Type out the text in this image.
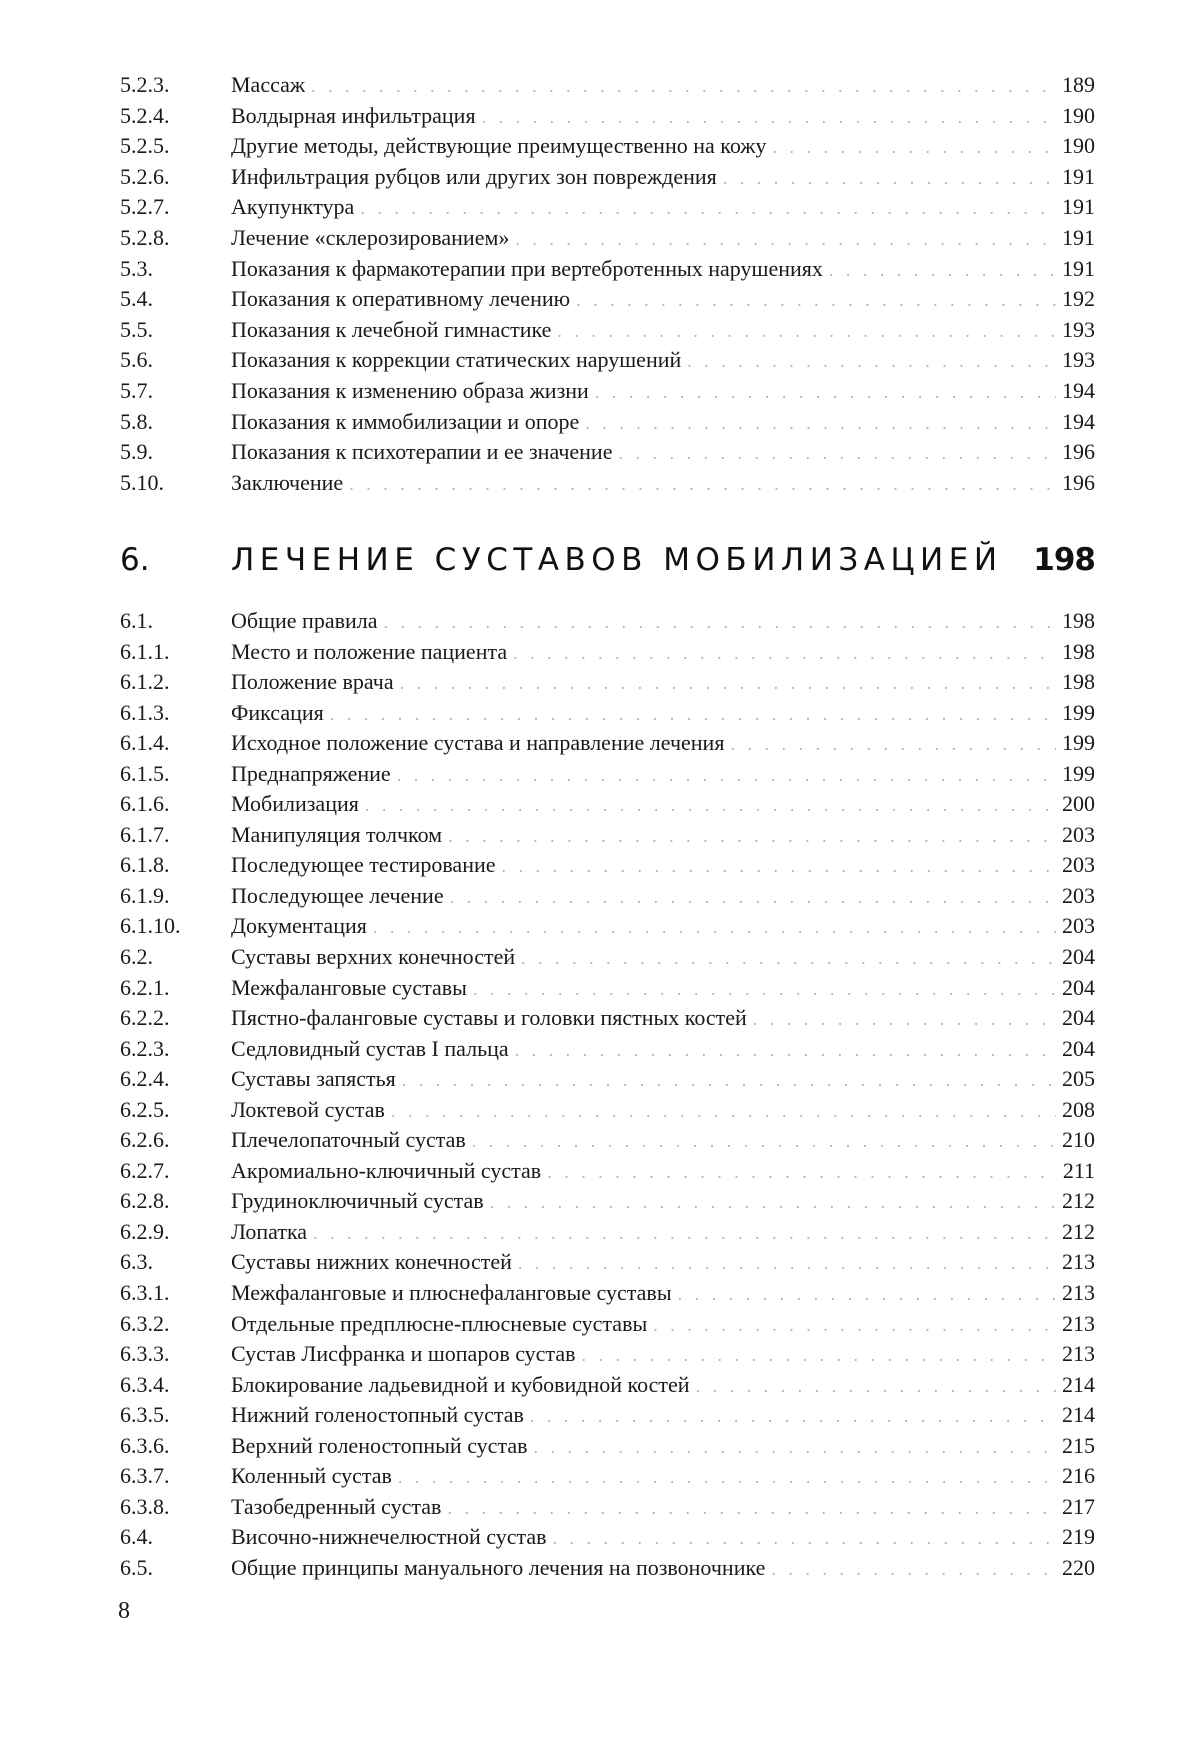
5.2.3.	Массаж . . .	189
5.2.4.	Волдырная инфильтрация . . .	190
5.2.5.	Другие методы, действующие преимущественно на кожу . . .	190
5.2.6.	Инфильтрация рубцов или других зон повреждения . . .	191
5.2.7.	Акупунктура . . .	191
5.2.8.	Лечение «склерозированием» . . .	191
5.3.	Показания к фармакотерапии при вертебротенных нарушениях . . .	191
5.4.	Показания к оперативному лечению . . .	192
5.5.	Показания к лечебной гимнастике . . .	193
5.6.	Показания к коррекции статических нарушений . . .	193
5.7.	Показания к изменению образа жизни . . .	194
5.8.	Показания к иммобилизации и опоре . . .	194
5.9.	Показания к психотерапии и ее значение . . .	196
5.10.	Заключение . . .	196
6.	ЛЕЧЕНИЕ СУСТАВОВ МОБИЛИЗАЦИЕЙ 198
6.1.	Общие правила . . .	198
6.1.1.	Место и положение пациента . . .	198
6.1.2.	Положение врача . . .	198
6.1.3.	Фиксация . . .	199
6.1.4.	Исходное положение сустава и направление лечения . . .	199
6.1.5.	Преднапряжение . . .	199
6.1.6.	Мобилизация . . .	200
6.1.7.	Манипуляция толчком . . .	203
6.1.8.	Последующее тестирование . . .	203
6.1.9.	Последующее лечение . . .	203
6.1.10.	Документация . . .	203
6.2.	Суставы верхних конечностей . . .	204
6.2.1.	Межфаланговые суставы . . .	204
6.2.2.	Пястно-фаланговые суставы и головки пястных костей . . .	204
6.2.3.	Седловидный сустав I пальца . . .	204
6.2.4.	Суставы запястья . . .	205
6.2.5.	Локтевой сустав . . .	208
6.2.6.	Плечелопаточный сустав . . .	210
6.2.7.	Акромиально-ключичный сустав . . .	211
6.2.8.	Грудиноключичный сустав . . .	212
6.2.9.	Лопатка . . .	212
6.3.	Суставы нижних конечностей . . .	213
6.3.1.	Межфаланговые и плюснефаланговые суставы . . .	213
6.3.2.	Отдельные предплюсне-плюсневые суставы . . .	213
6.3.3.	Сустав Лисфранка и шопаров сустав . . .	213
6.3.4.	Блокирование ладьевидной и кубовидной костей . . .	214
6.3.5.	Нижний голеностопный сустав . . .	214
6.3.6.	Верхний голеностопный сустав . . .	215
6.3.7.	Коленный сустав . . .	216
6.3.8.	Тазобедренный сустав . . .	217
6.4.	Височно-нижнечелюстной сустав . . .	219
6.5.	Общие принципы мануального лечения на позвоночнике . . .	220
8
